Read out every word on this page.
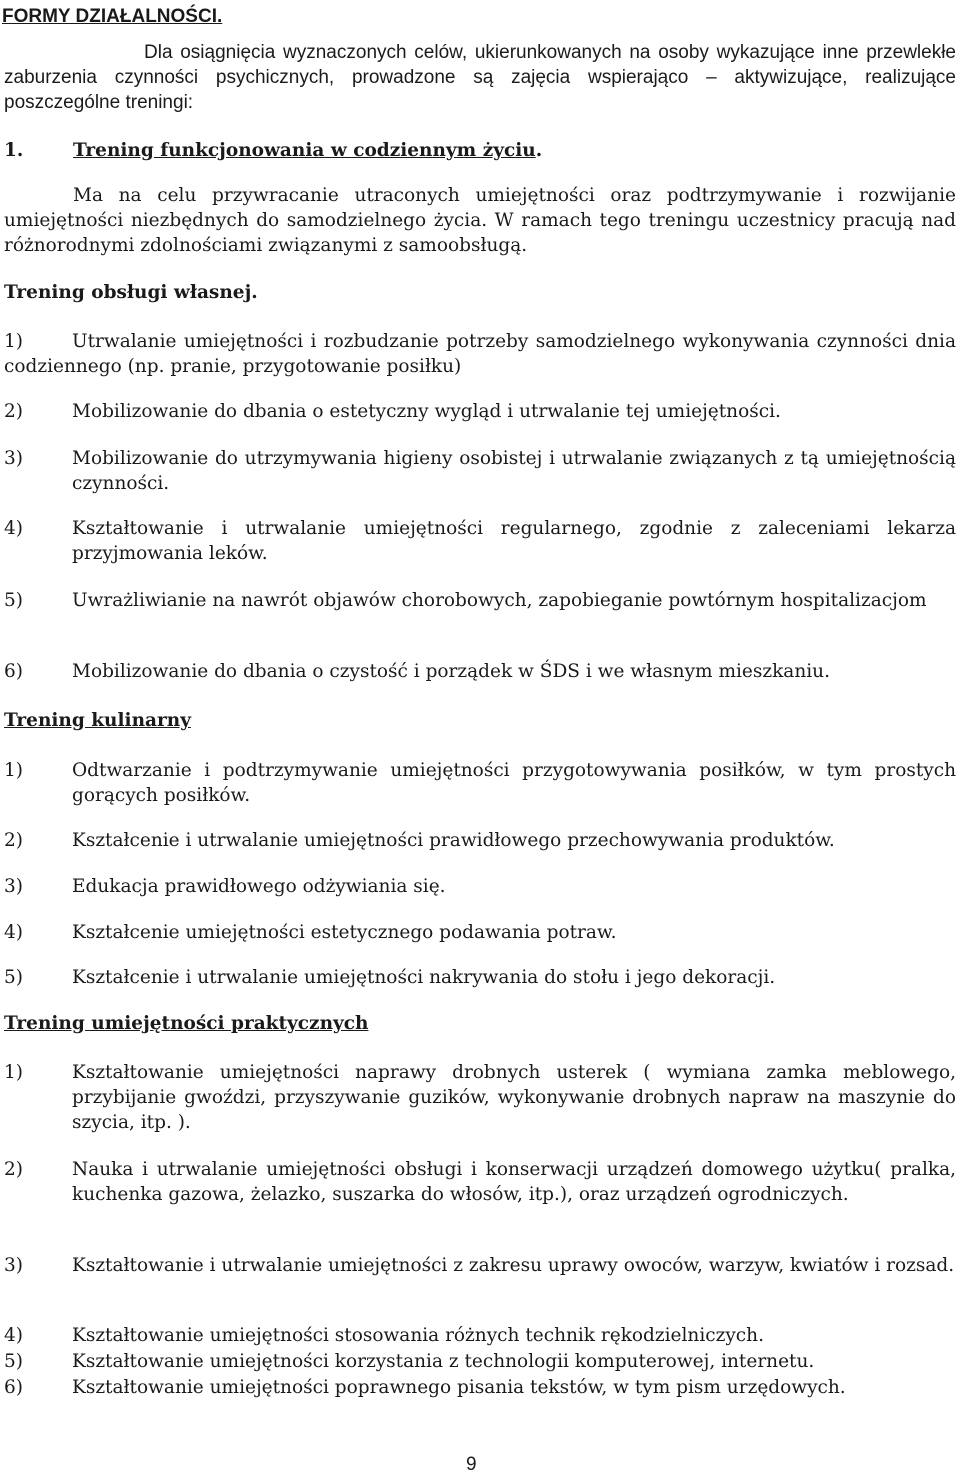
FORMY DZIAŁALNOŚCI.
Dla osiągnięcia wyznaczonych celów, ukierunkowanych na osoby wykazujące inne przewlekłe zaburzenia czynności psychicznych, prowadzone są zajęcia wspierająco – aktywizujące, realizujące poszczególne treningi:
1.	Trening funkcjonowania w codziennym życiu.
Ma na celu przywracanie utraconych umiejętności oraz podtrzymywanie i rozwijanie umiejętności niezbędnych do samodzielnego życia. W ramach tego treningu uczestnicy pracują nad różnorodnymi zdolnościami związanymi z samoobsługą.
Trening obsługi własnej.
1)	Utrwalanie umiejętności i rozbudzanie potrzeby samodzielnego wykonywania czynności dnia codziennego (np. pranie, przygotowanie posiłku)
2)	Mobilizowanie do dbania o estetyczny wygląd i utrwalanie tej umiejętności.
3)	Mobilizowanie do utrzymywania higieny osobistej i utrwalanie związanych z tą umiejętnością czynności.
4)	Kształtowanie i utrwalanie umiejętności regularnego, zgodnie z zaleceniami lekarza przyjmowania leków.
5)	Uwrażliwianie na nawrót objawów chorobowych, zapobieganie powtórnym hospitalizacjom
6)	Mobilizowanie do dbania o czystość i porządek w ŚDS i we własnym mieszkaniu.
Trening kulinarny
1)	Odtwarzanie i podtrzymywanie umiejętności przygotowywania posiłków, w tym prostych gorących posiłków.
2)	Kształcenie i utrwalanie umiejętności prawidłowego przechowywania produktów.
3)	Edukacja prawidłowego odżywiania się.
4)	Kształcenie umiejętności estetycznego podawania potraw.
5)	Kształcenie i utrwalanie umiejętności nakrywania do stołu i jego dekoracji.
Trening umiejętności praktycznych
1)	Kształtowanie umiejętności naprawy drobnych usterek ( wymiana zamka meblowego, przybijanie gwoździ, przyszywanie guzików, wykonywanie drobnych napraw na maszynie do szycia, itp. ).
2)	Nauka i utrwalanie umiejętności obsługi i konserwacji urządzeń domowego użytku( pralka, kuchenka gazowa, żelazko, suszarka do włosów, itp.), oraz urządzeń ogrodniczych.
3)	Kształtowanie i utrwalanie umiejętności z zakresu uprawy owoców, warzyw, kwiatów i rozsad.
4)	Kształtowanie umiejętności stosowania różnych technik rękodzielniczych.
5)	Kształtowanie umiejętności korzystania z technologii komputerowej, internetu.
6)	Kształtowanie umiejętności poprawnego pisania tekstów, w tym pism urzędowych.
9
